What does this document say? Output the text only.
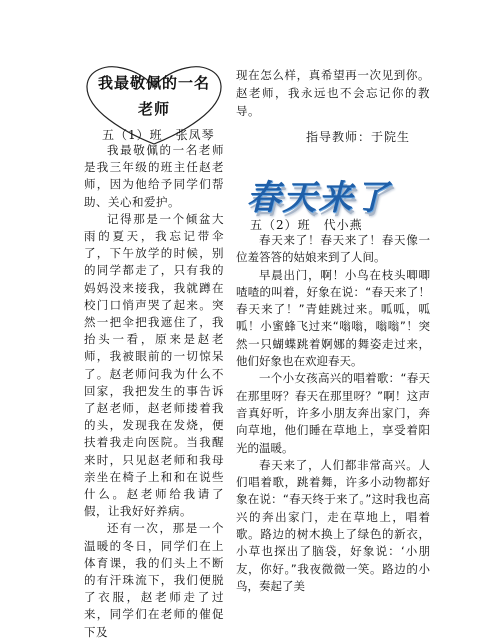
我最敬佩的一名
老师
五（1）班　张凤琴

我最敬佩的一名老师是我三年级的班主任赵老师，因为他给予同学们帮助、关心和爱护。

记得那是一个倾盆大雨的夏天，我忘记带伞了，下午放学的时候，别的同学都走了，只有我的妈妈没来接我，我就蹲在校门口悄声哭了起来。突然一把伞把我遮住了，我抬头一看，原来是赵老师，我被眼前的一切惊呆了。赵老师问我为什么不回家，我把发生的事告诉了赵老师，赵老师搂着我的头，发现我在发烧，便扶着我走向医院。当我醒来时，只见赵老师和我母亲坐在椅子上和和在说些什么。赵老师给我请了假，让我好好养病。

还有一次，那是一个温暖的冬日，同学们在上体育课，我的们头上不断的有汗珠流下，我们便脱了衣服，赵老师走了过来，同学们在老师的催促下及

现在怎么样，真希望再一次见到你。赵老师，我永远也不会忘记你的教导。
指导教师：于院生
春天来了
五（2）班　代小燕

春天来了！春天来了！春天像一位羞答答的姑娘来到了人间。

早晨出门，啊！小鸟在枝头唧唧喳喳的叫着，好象在说：“春天来了！春天来了！”青蛙跳过来。呱呱，呱呱！小蜜蜂飞过来“嗡嗡，嗡嗡”！突然一只蝴蝶跳着婀娜的舞姿走过来，他们好象也在欢迎春天。

一个小女孩高兴的唱着歌：“春天在那里呀？春天在那里呀？”啊！这声音真好听，许多小朋友奔出家门，奔向草地，他们睡在草地上，享受着阳光的温暖。

春天来了，人们都非常高兴。人们唱着歌，跳着舞，许多小动物都好象在说：“春天终于来了。”这时我也高兴的奔出家门，走在草地上，唱着歌。路边的树木换上了绿色的新衣，小草也探出了脑袋，好象说：‘小朋友，你好。”我夜微微一笑。路边的小鸟，奏起了美
